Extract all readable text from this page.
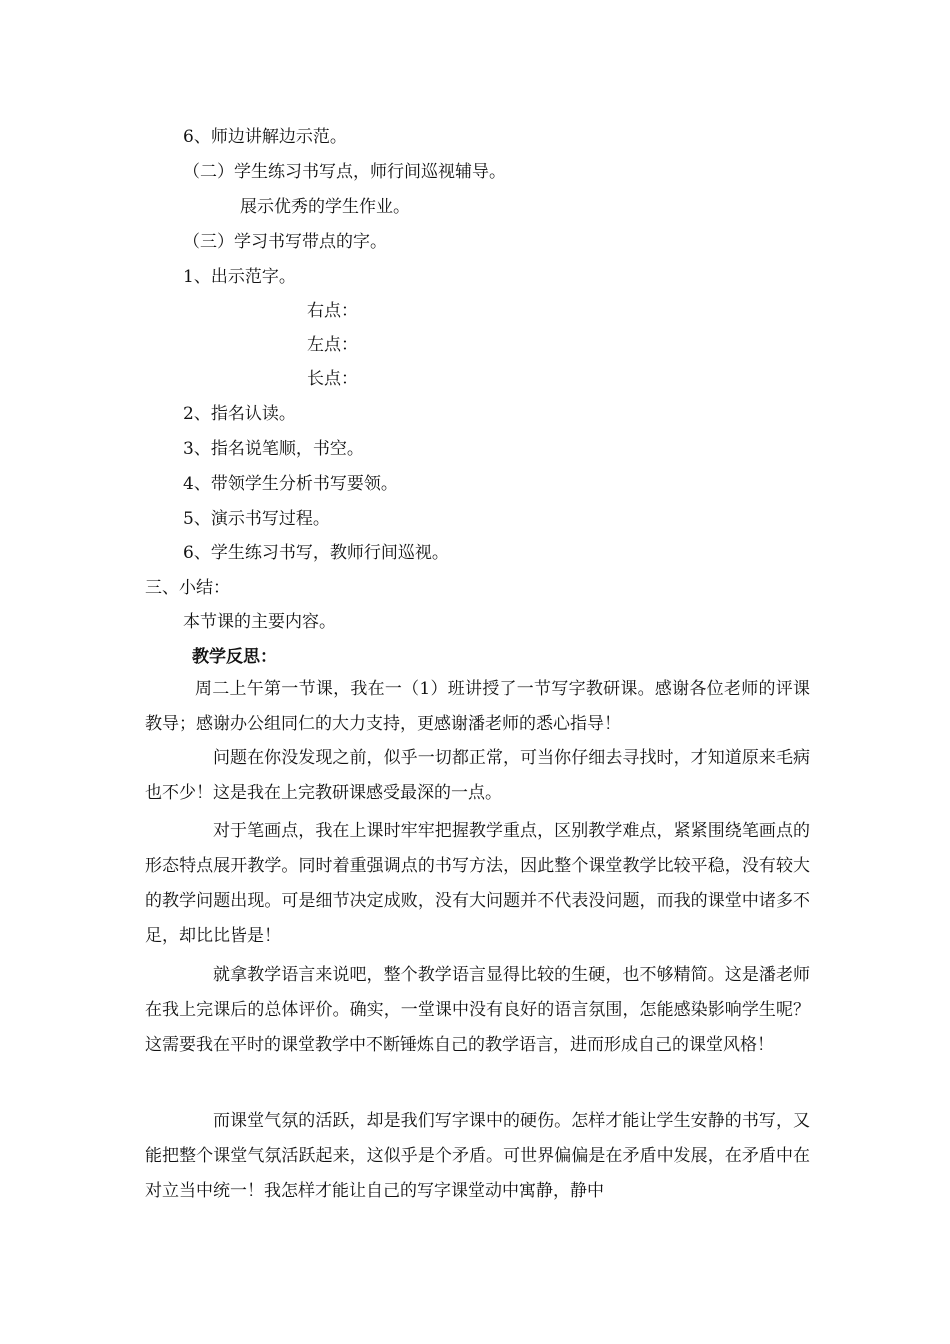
6、师边讲解边示范。
（二）学生练习书写点，师行间巡视辅导。
展示优秀的学生作业。
（三）学习书写带点的字。
1、出示范字。
右点：
左点：
长点：
2、指名认读。
3、指名说笔顺，书空。
4、带领学生分析书写要领。
5、演示书写过程。
6、学生练习书写，教师行间巡视。
三、小结：
本节课的主要内容。
教学反思：
周二上午第一节课，我在一（1）班讲授了一节写字教研课。感谢各位老师的评课教导；感谢办公组同仁的大力支持，更感谢潘老师的悉心指导！
问题在你没发现之前，似乎一切都正常，可当你仔细去寻找时，才知道原来毛病也不少！这是我在上完教研课感受最深的一点。
对于笔画点，我在上课时牢牢把握教学重点，区别教学难点，紧紧围绕笔画点的形态特点展开教学。同时着重强调点的书写方法，因此整个课堂教学比较平稳，没有较大的教学问题出现。可是细节决定成败，没有大问题并不代表没问题，而我的课堂中诸多不足，却比比皆是！
就拿教学语言来说吧，整个教学语言显得比较的生硬，也不够精简。这是潘老师在我上完课后的总体评价。确实，一堂课中没有良好的语言氛围，怎能感染影响学生呢？这需要我在平时的课堂教学中不断锤炼自己的教学语言，进而形成自己的课堂风格！
而课堂气氛的活跃，却是我们写字课中的硬伤。怎样才能让学生安静的书写，又能把整个课堂气氛活跃起来，这似乎是个矛盾。可世界偏偏是在矛盾中发展，在矛盾中在对立当中统一！我怎样才能让自己的写字课堂动中寓静，静中
